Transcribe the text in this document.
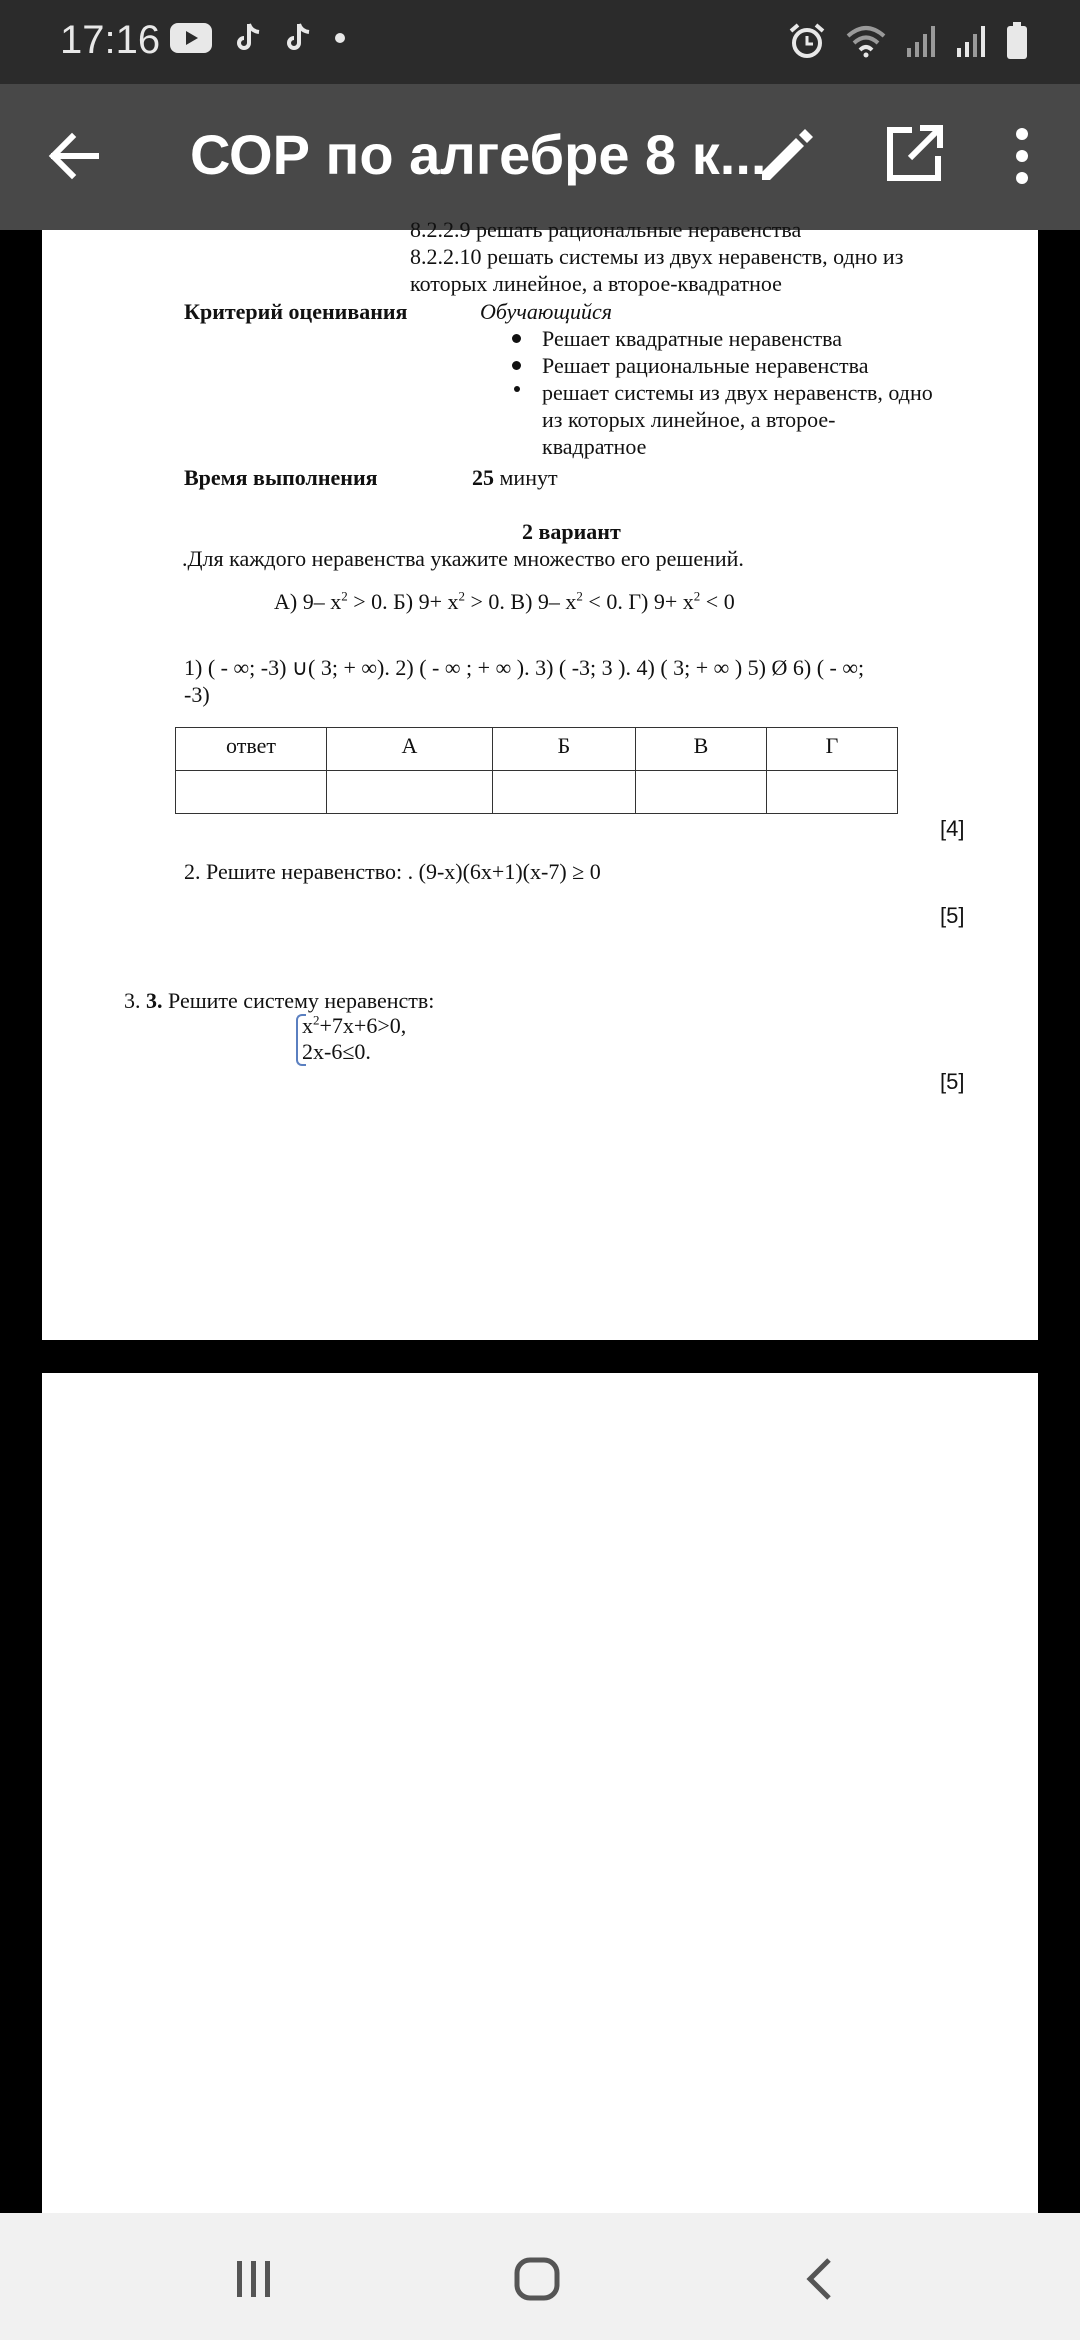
17:16
СОР по алгебре 8 к...
8.2.2.9 решать рациональные неравенства
8.2.2.10 решать системы из двух неравенств, одно из
которых линейное, а второе-квадратное
Критерий оценивания	Обучающийся
Решает квадратные неравенства
Решает рациональные неравенства
решает системы из двух неравенств, одно
из которых линейное, а второе-
квадратное
Время выполнения	25 минут
2 вариант
.Для каждого неравенства укажите множество его решений.
А) 9– $x^2 > 0$. Б) $9+ x^2 > 0$. В) 9– $x^2 < 0$. Г) $9+ x^2 < 0$
1) ( - ∞; -3) ∪( 3; + ∞). 2) ( - ∞ ; + ∞ ). 3) ( -3; 3 ). 4) ( 3; + ∞ ) 5) Ø 6) ( - ∞;
-3)
ответ	А	Б	В	Г

[4]
2. Решите неравенство: . (9-x)(6x+1)(x-7) ≥ 0
[5]
3. 3. Решите систему неравенств:
$x^2+7x+6>0$,
2x-6≤0.
[5]
